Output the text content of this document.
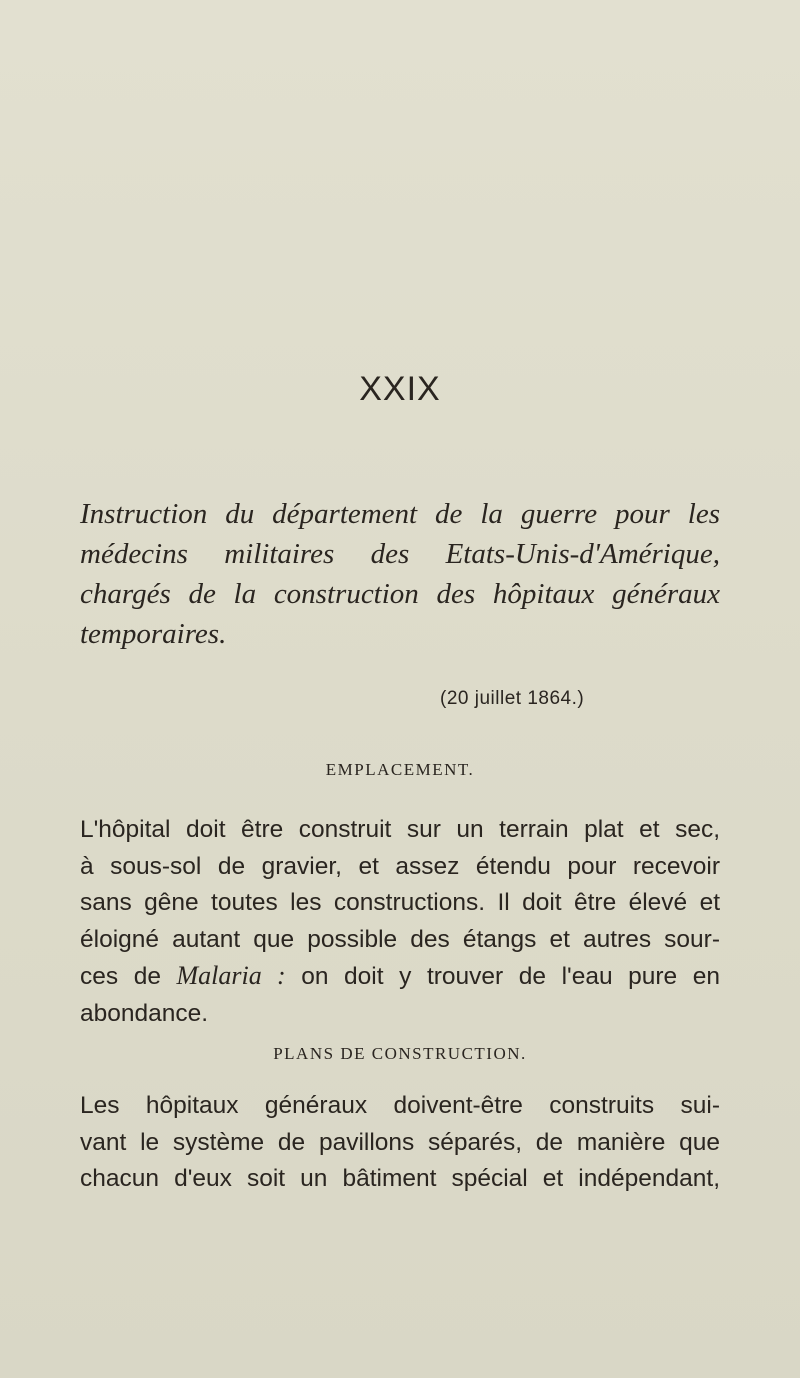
XXIX
Instruction du département de la guerre pour les
médecins militaires des Etats-Unis-d'Amérique,
chargés de la construction des hôpitaux généraux
temporaires.
(20 juillet 1864.)
EMPLACEMENT.
L'hôpital doit être construit sur un terrain plat et sec,
à sous-sol de gravier, et assez étendu pour recevoir
sans gêne toutes les constructions. Il doit être élevé et
éloigné autant que possible des étangs et autres sour-
ces de Malaria : on doit y trouver de l'eau pure en
abondance.
PLANS DE CONSTRUCTION.
Les hôpitaux généraux doivent-être construits sui-
vant le système de pavillons séparés, de manière que
chacun d'eux soit un bâtiment spécial et indépendant,
